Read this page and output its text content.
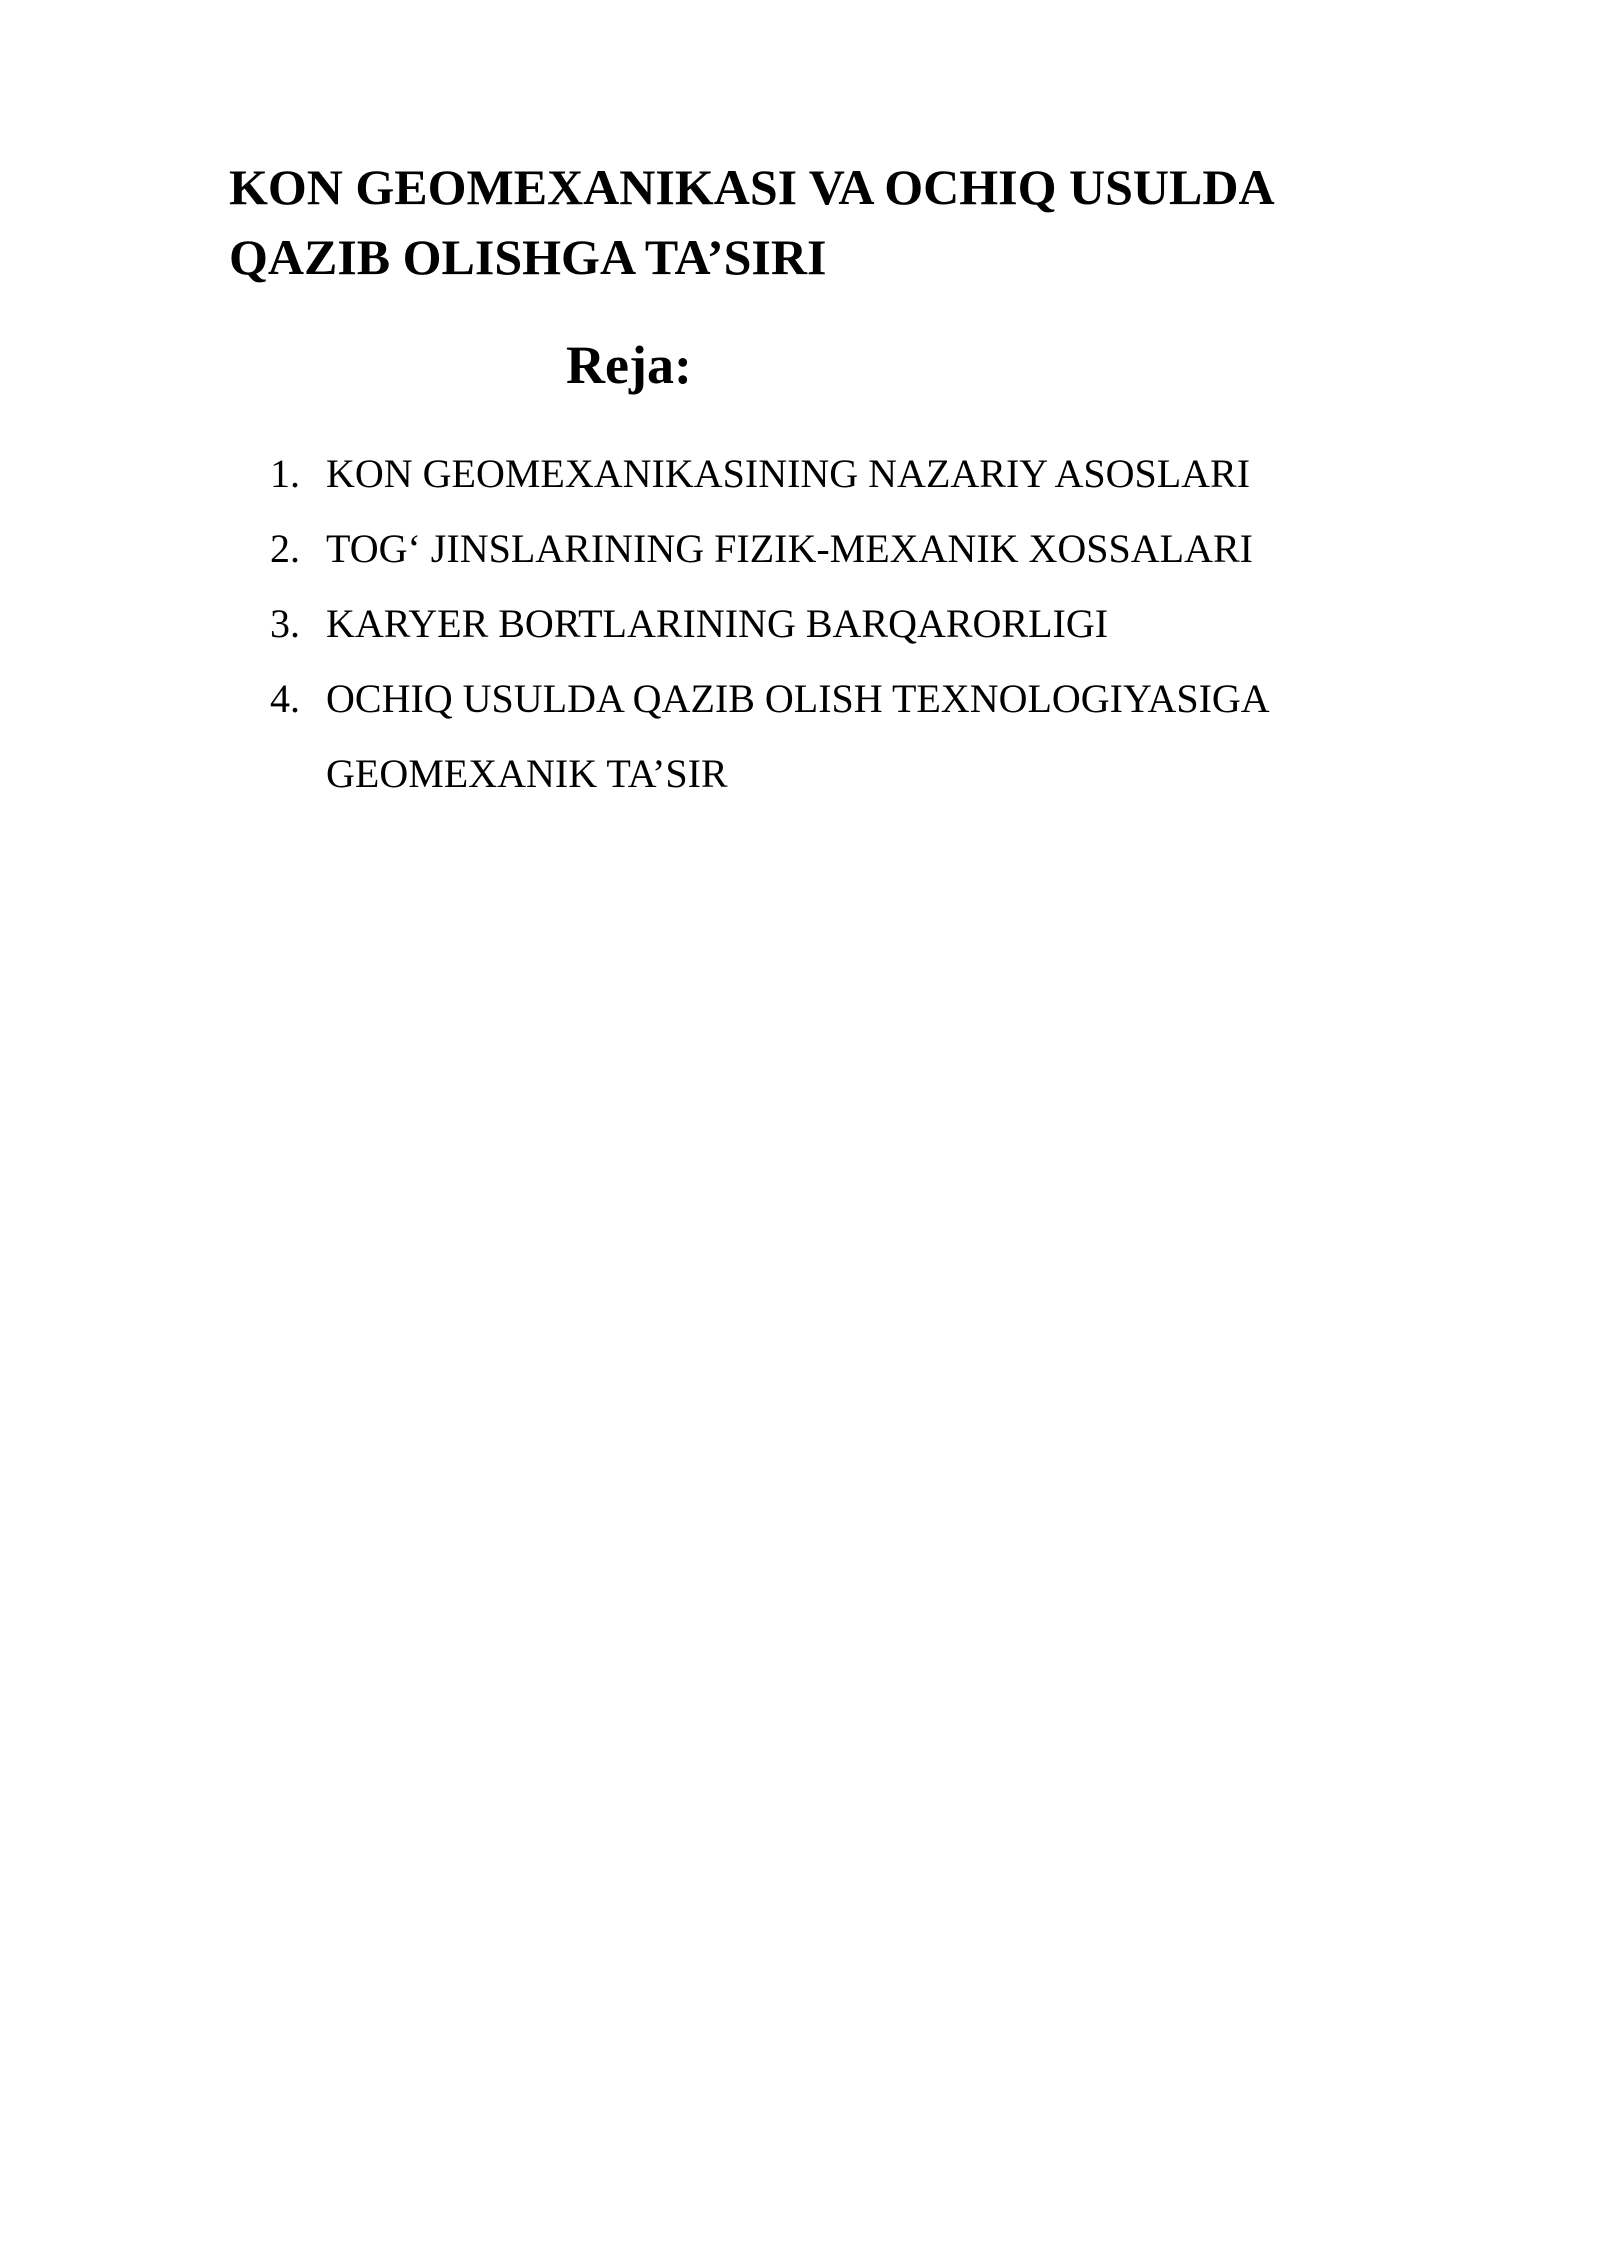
KON GEOMEXANIKASI VA OCHIQ USULDA
QAZIB OLISHGA TA’SIRI
Reja:
1. KON GEOMEXANIKASINING NAZARIY ASOSLARI
2. TOG‘ JINSLARINING FIZIK-MEXANIK XOSSALARI
3. KARYER BORTLARINING BARQARORLIGI
4. OCHIQ USULDA QAZIB OLISH TEXNOLOGIYASIGA
GEOMEXANIK TA’SIR
